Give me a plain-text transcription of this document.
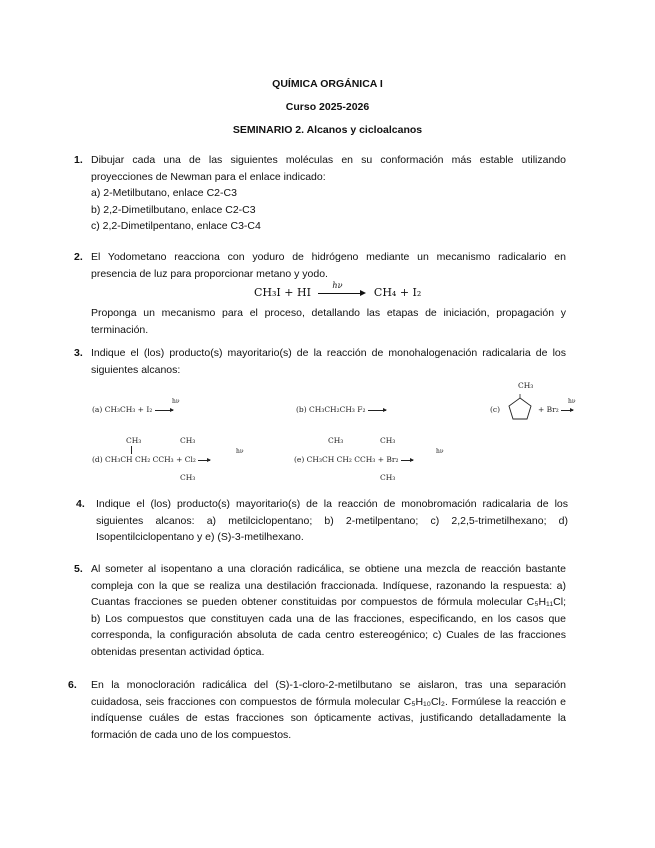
QUÍMICA ORGÁNICA I
Curso 2025-2026
SEMINARIO 2. Alcanos y cicloalcanos
1. Dibujar cada una de las siguientes moléculas en su conformación más estable utilizando
proyecciones de Newman para el enlace indicado:
a) 2-Metilbutano, enlace C2-C3
b) 2,2-Dimetilbutano, enlace C2-C3
c) 2,2-Dimetilpentano, enlace C3-C4
2. El Yodometano reacciona con yoduro de hidrógeno mediante un mecanismo radicalario en
presencia de luz para proporcionar metano y yodo.
CH₃I + HI
hν
CH₄ + I₂
Proponga un mecanismo para el proceso, detallando las etapas de iniciación, propagación y
terminación.
3. Indique el (los) producto(s) mayoritario(s) de la reacción de monohalogenación radicalaria de los
siguientes alcanos:
(a) CH₃CH₃ + I₂ →
hν
(b) CH₃CH₂CH₃ F₂ →
CH₃
(c)	+ Br₂ →
hν
CH₃	CH₃
(d) CH₃CH CH₂ CCH₃ + Cl₂ →
hν
CH₃
CH₃	CH₃
(e) CH₃CH CH₂ CCH₃ + Br₂ →
hν
CH₃
4. Indique el (los) producto(s) mayoritario(s) de la reacción de monobromación radicalaria de los
siguientes alcanos: a) metilciclopentano; b) 2-metilpentano; c) 2,2,5-trimetilhexano; d)
Isopentilciclopentano y e) (S)-3-metilhexano.
5. Al someter al isopentano a una cloración radicálica, se obtiene una mezcla de reacción bastante
compleja con la que se realiza una destilación fraccionada. Indíquese, razonando la respuesta: a)
Cuantas fracciones se pueden obtener constituidas por compuestos de fórmula molecular C₅H₁₁Cl;
b) Los compuestos que constituyen cada una de las fracciones, especificando, en los casos que
corresponda, la configuración absoluta de cada centro estereogénico; c) Cuales de las fracciones
obtenidas presentan actividad óptica.
6. En la monocloración radicálica del (S)-1-cloro-2-metilbutano se aislaron, tras una separación
cuidadosa, seis fracciones con compuestos de fórmula molecular C₅H₁₀Cl₂. Formúlese la reacción e
indíquense cuáles de estas fracciones son ópticamente activas, justificando detalladamente la
formación de cada uno de los compuestos.
